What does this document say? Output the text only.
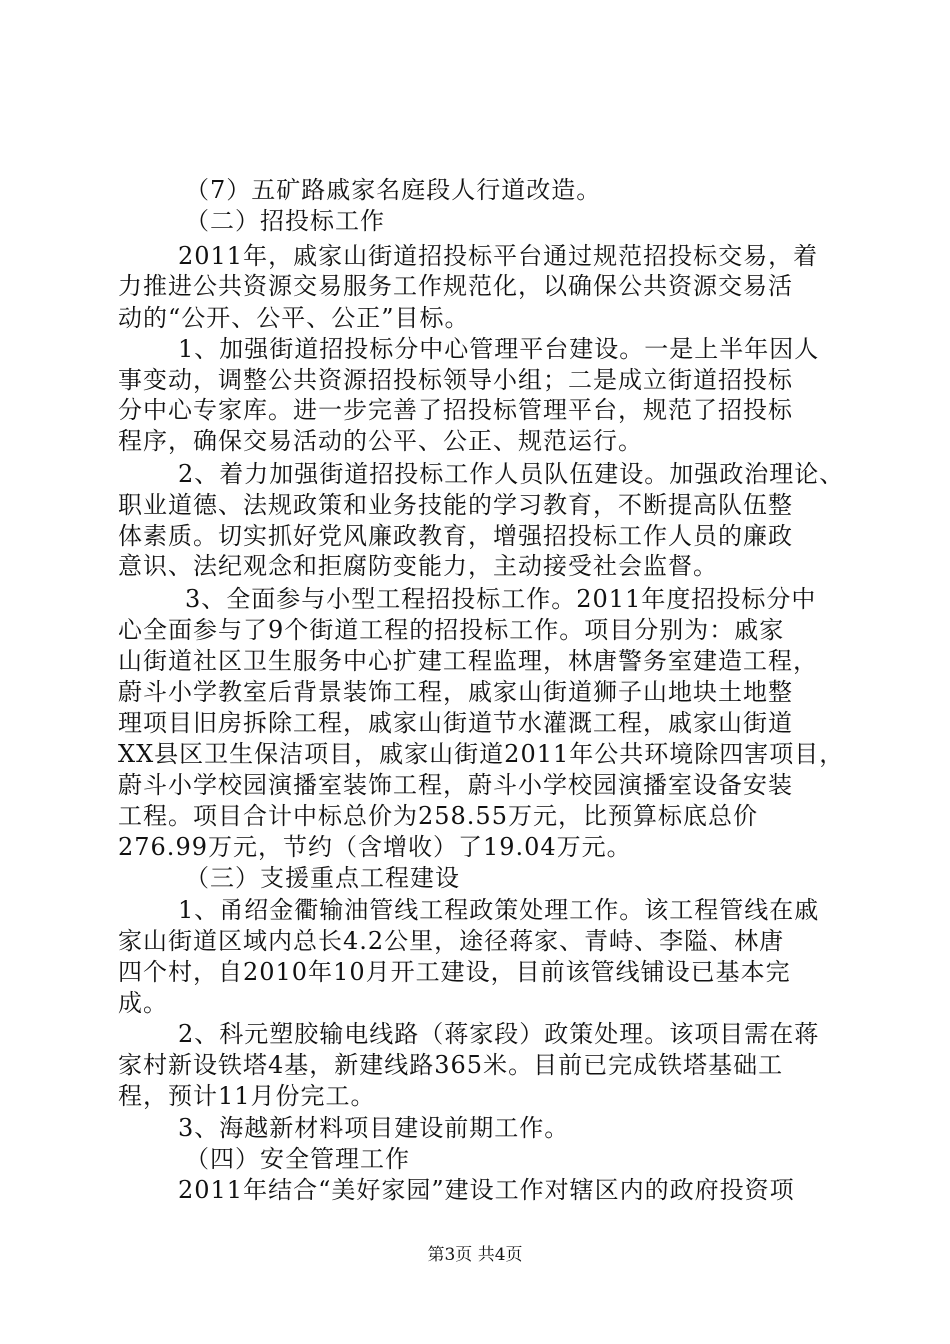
（7）五矿路戚家名庭段人行道改造。
（二）招投标工作
2011年，戚家山街道招投标平台通过规范招投标交易，着
力推进公共资源交易服务工作规范化，以确保公共资源交易活
动的“公开、公平、公正”目标。
1、加强街道招投标分中心管理平台建设。一是上半年因人
事变动，调整公共资源招投标领导小组；二是成立街道招投标
分中心专家库。进一步完善了招投标管理平台，规范了招投标
程序，确保交易活动的公平、公正、规范运行。
2、着力加强街道招投标工作人员队伍建设。加强政治理论、
职业道德、法规政策和业务技能的学习教育，不断提高队伍整
体素质。切实抓好党风廉政教育，增强招投标工作人员的廉政
意识、法纪观念和拒腐防变能力，主动接受社会监督。
3、全面参与小型工程招投标工作。2011年度招投标分中
心全面参与了9个街道工程的招投标工作。项目分别为：戚家
山街道社区卫生服务中心扩建工程监理，林唐警务室建造工程，
蔚斗小学教室后背景装饰工程，戚家山街道狮子山地块土地整
理项目旧房拆除工程，戚家山街道节水灌溉工程，戚家山街道
XX县区卫生保洁项目，戚家山街道2011年公共环境除四害项目，
蔚斗小学校园演播室装饰工程，蔚斗小学校园演播室设备安装
工程。项目合计中标总价为258.55万元，比预算标底总价
276.99万元，节约（含增收）了19.04万元。
（三）支援重点工程建设
1、甬绍金衢输油管线工程政策处理工作。该工程管线在戚
家山街道区域内总长4.2公里，途径蒋家、青峙、李隘、林唐
四个村，自2010年10月开工建设，目前该管线铺设已基本完
成。
2、科元塑胶输电线路（蒋家段）政策处理。该项目需在蒋
家村新设铁塔4基，新建线路365米。目前已完成铁塔基础工
程，预计11月份完工。
3、海越新材料项目建设前期工作。
（四）安全管理工作
2011年结合“美好家园”建设工作对辖区内的政府投资项
第3页 共4页
